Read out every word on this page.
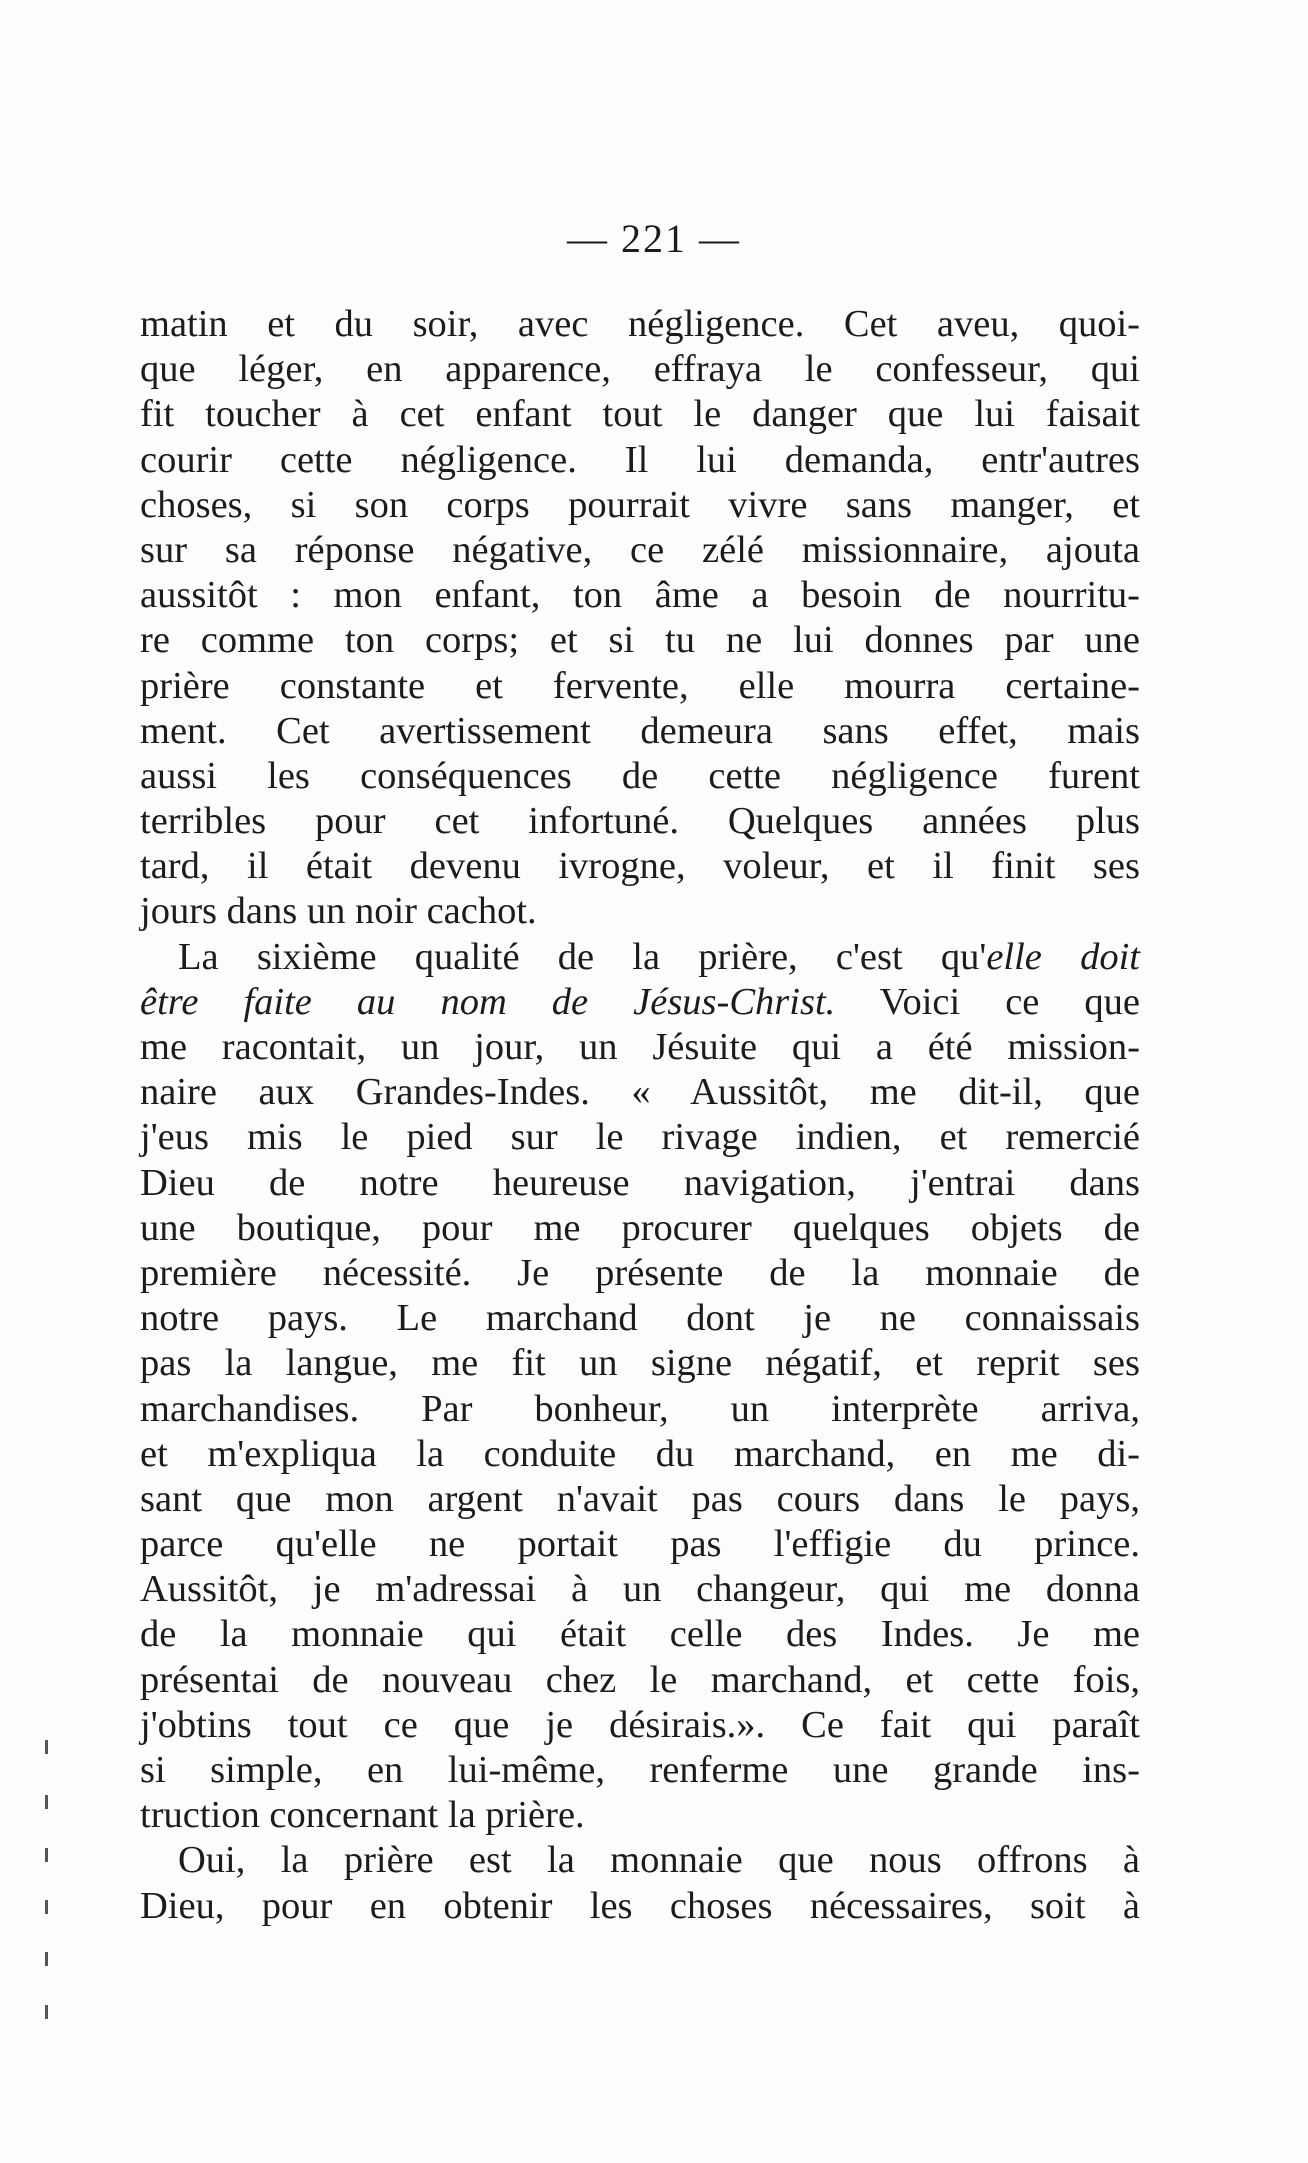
— 221 —
matin et du soir, avec négligence. Cet aveu, quoi-
que léger, en apparence, effraya le confesseur, qui
fit toucher à cet enfant tout le danger que lui faisait
courir cette négligence. Il lui demanda, entr'autres
choses, si son corps pourrait vivre sans manger, et
sur sa réponse négative, ce zélé missionnaire, ajouta
aussitôt : mon enfant, ton âme a besoin de nourritu-
re comme ton corps; et si tu ne lui donnes par une
prière constante et fervente, elle mourra certaine-
ment. Cet avertissement demeura sans effet, mais
aussi les conséquences de cette négligence furent
terribles pour cet infortuné. Quelques années plus
tard, il était devenu ivrogne, voleur, et il finit ses
jours dans un noir cachot.
La sixième qualité de la prière, c'est qu'elle doit
être faite au nom de Jésus-Christ. Voici ce que
me racontait, un jour, un Jésuite qui a été mission-
naire aux Grandes-Indes. « Aussitôt, me dit-il, que
j'eus mis le pied sur le rivage indien, et remercié
Dieu de notre heureuse navigation, j'entrai dans
une boutique, pour me procurer quelques objets de
première nécessité. Je présente de la monnaie de
notre pays. Le marchand dont je ne connaissais
pas la langue, me fit un signe négatif, et reprit ses
marchandises. Par bonheur, un interprète arriva,
et m'expliqua la conduite du marchand, en me di-
sant que mon argent n'avait pas cours dans le pays,
parce qu'elle ne portait pas l'effigie du prince.
Aussitôt, je m'adressai à un changeur, qui me donna
de la monnaie qui était celle des Indes. Je me
présentai de nouveau chez le marchand, et cette fois,
j'obtins tout ce que je désirais.». Ce fait qui paraît
si simple, en lui-même, renferme une grande ins-
truction concernant la prière.
Oui, la prière est la monnaie que nous offrons à
Dieu, pour en obtenir les choses nécessaires, soit à
